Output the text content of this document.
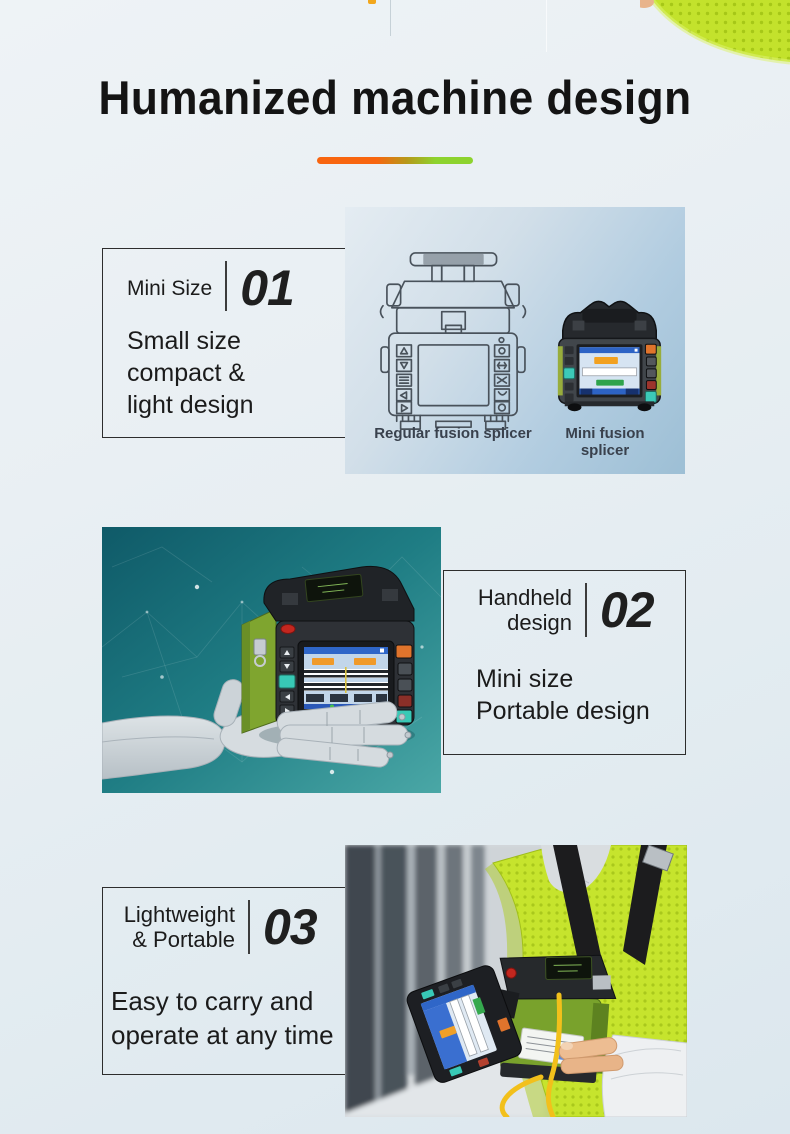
Humanized machine design
Mini Size 01
Small size
compact &
light design
Regular fusion splicer	Mini fusion splicer
Handheld
design 02
Mini size
Portable design
Lightweight
& Portable 03
Easy to carry and
operate at any time
